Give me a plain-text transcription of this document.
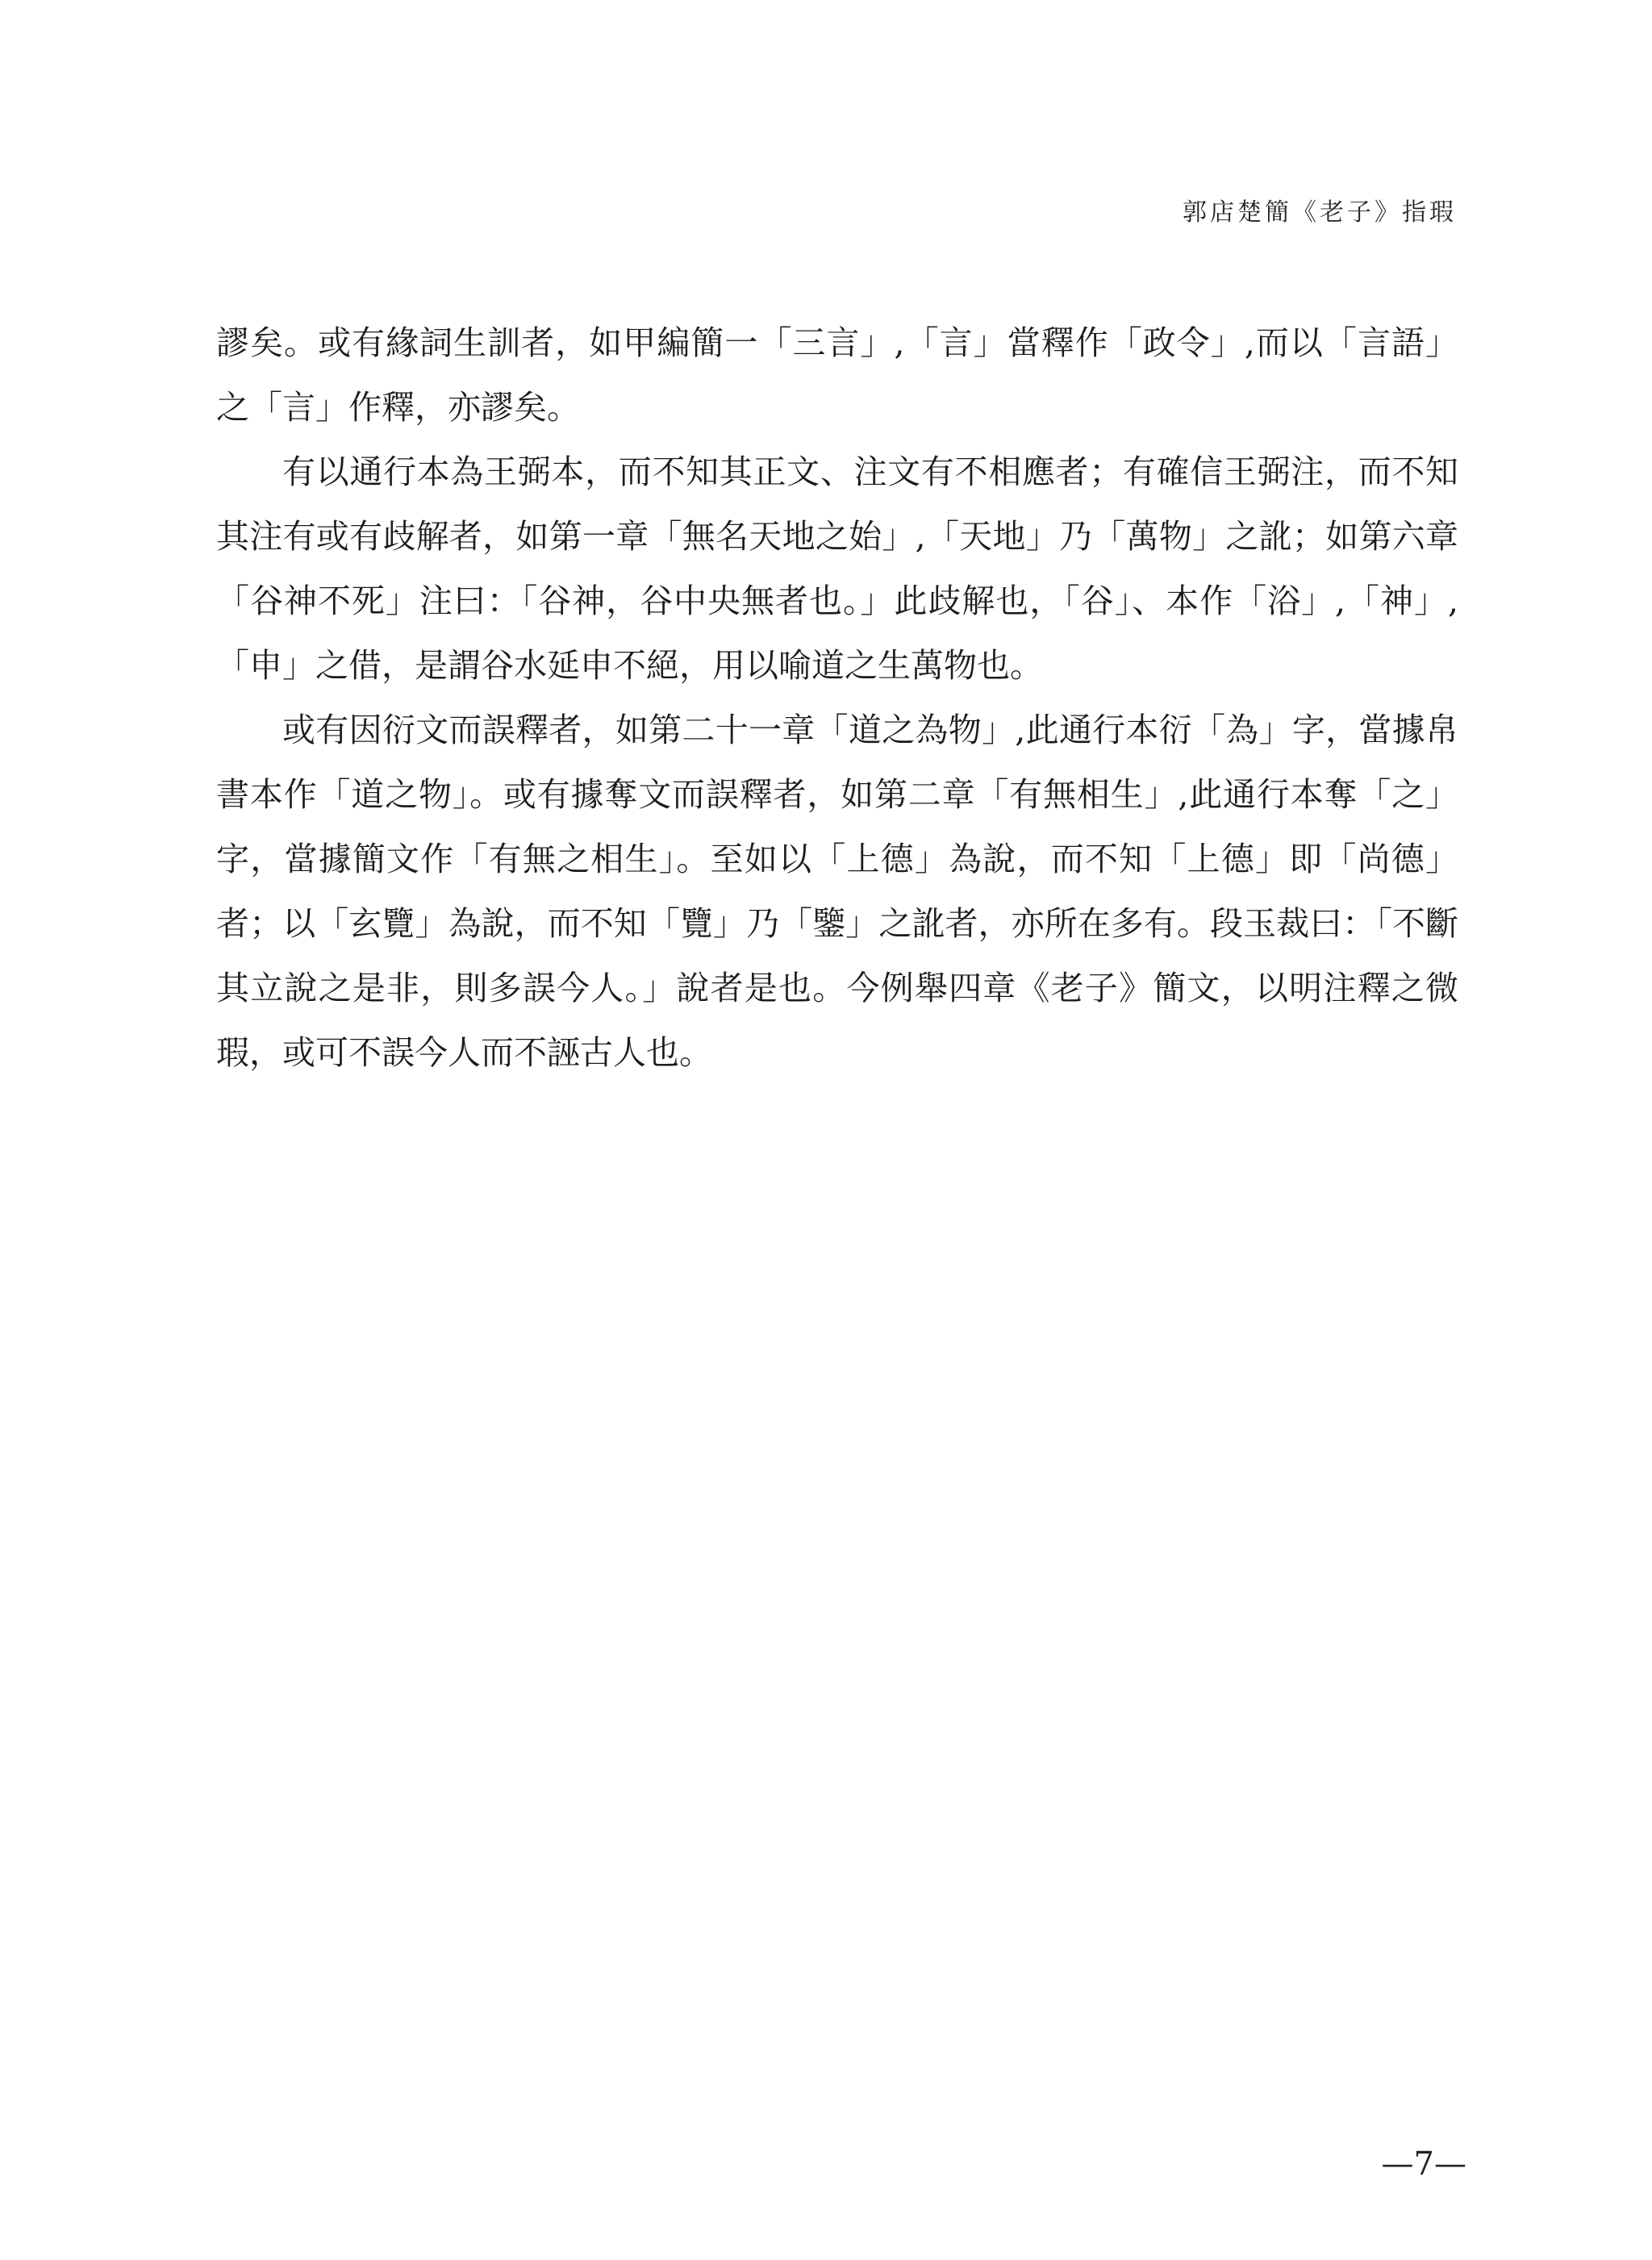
郭店楚簡《老子》指瑕

謬矣。或有緣詞生訓者，如甲編簡一「三言」,「言」當釋作「政令」,而以「言語」之「言」作釋，亦謬矣。

有以通行本為王弼本，而不知其正文、注文有不相應者；有確信王弼注，而不知其注有或有歧解者，如第一章「無名天地之始」,「天地」乃「萬物」之訛；如第六章「谷神不死」注曰：「谷神，谷中央無者也。」此歧解也，「谷」、本作「浴」,「神」,「申」之借，是謂谷水延申不絕，用以喻道之生萬物也。

或有因衍文而誤釋者，如第二十一章「道之為物」,此通行本衍「為」字，當據帛書本作「道之物」。或有據奪文而誤釋者，如第二章「有無相生」,此通行本奪「之」字，當據簡文作「有無之相生」。至如以「上德」為說，而不知「上德」即「尚德」者；以「玄覽」為說，而不知「覽」乃「鑒」之訛者，亦所在多有。段玉裁曰：「不斷其立說之是非，則多誤今人。」說者是也。今例舉四章《老子》簡文，以明注釋之微瑕，或可不誤今人而不誣古人也。

—7—
